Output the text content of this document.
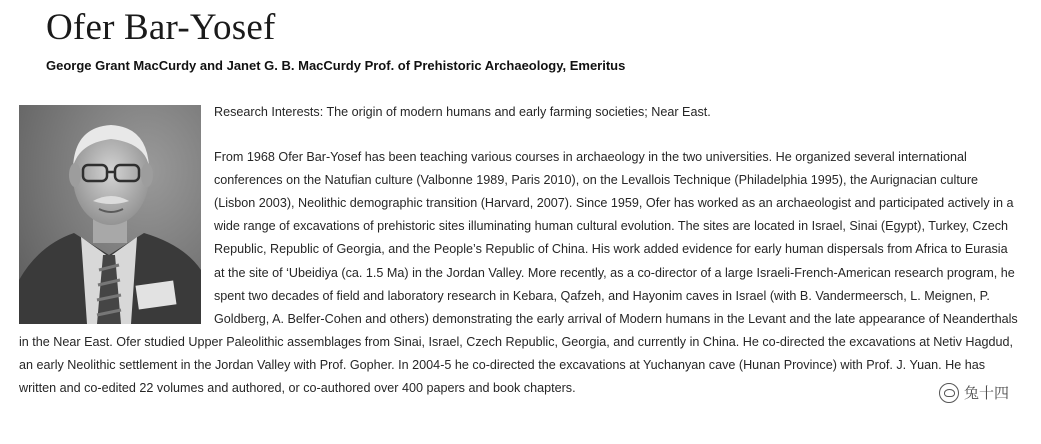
Ofer Bar-Yosef
George Grant MacCurdy and Janet G. B. MacCurdy Prof. of Prehistoric Archaeology, Emeritus

Research Interests: The origin of modern humans and early farming societies; Near East.

From 1968 Ofer Bar-Yosef has been teaching various courses in archaeology in the two universities. He organized several international conferences on the Natufian culture (Valbonne 1989, Paris 2010), on the Levallois Technique (Philadelphia 1995), the Aurignacian culture (Lisbon 2003), Neolithic demographic transition (Harvard, 2007). Since 1959, Ofer has worked as an archaeologist and participated actively in a wide range of excavations of prehistoric sites illuminating human cultural evolution. The sites are located in Israel, Sinai (Egypt), Turkey, Czech Republic, Republic of Georgia, and the People’s Republic of China. His work added evidence for early human dispersals from Africa to Eurasia at the site of ‘Ubeidiya (ca. 1.5 Ma) in the Jordan Valley. More recently, as a co-director of a large Israeli-French-American research program, he spent two decades of field and laboratory research in Kebara, Qafzeh, and Hayonim caves in Israel (with B. Vandermeersch, L. Meignen, P. Goldberg, A. Belfer-Cohen and others) demonstrating the early arrival of Modern humans in the Levant and the late appearance of Neanderthals in the Near East. Ofer studied Upper Paleolithic assemblages from Sinai, Israel, Czech Republic, Georgia, and currently in China. He co-directed the excavations at Netiv Hagdud, an early Neolithic settlement in the Jordan Valley with Prof. Gopher. In 2004-5 he co-directed the excavations at Yuchanyan cave (Hunan Province) with Prof. J. Yuan. He has written and co-edited 22 volumes and authored, or co-authored over 400 papers and book chapters.	兔十四
